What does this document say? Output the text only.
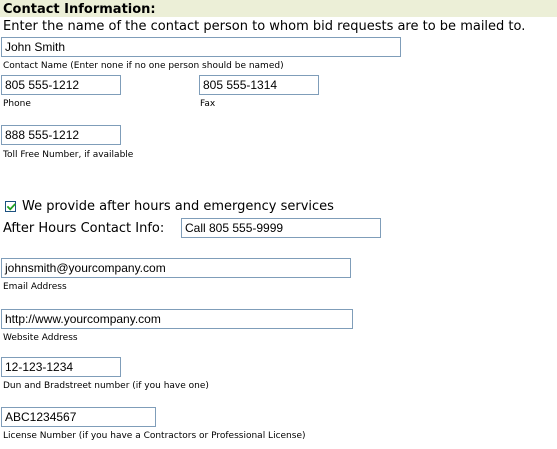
Contact Information:
Enter the name of the contact person to whom bid requests are to be mailed to.
John Smith
Contact Name (Enter none if no one person should be named)
805 555-1212
Phone
805 555-1314
Fax
888 555-1212
Toll Free Number, if available
We provide after hours and emergency services
After Hours Contact Info:	Call 805 555-9999
johnsmith@yourcompany.com
Email Address
http://www.yourcompany.com
Website Address
12-123-1234
Dun and Bradstreet number (if you have one)
ABC1234567
License Number (if you have a Contractors or Professional License)
